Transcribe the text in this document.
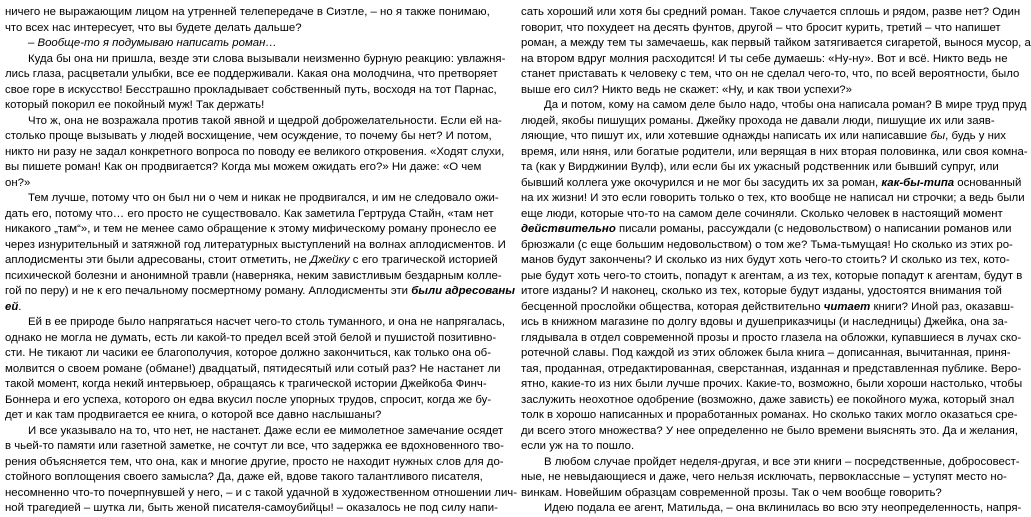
ничего не выражающим лицом на утренней телепередаче в Сиэтле, – но я также понимаю,
что всех нас интересует, что вы будете делать дальше?
– Вообще-то я подумываю написать роман…
Куда бы она ни пришла, везде эти слова вызывали неизменно бурную реакцию: увлажня-
лись глаза, расцветали улыбки, все ее поддерживали. Какая она молодчина, что претворяет
свое горе в искусство! Бесстрашно прокладывает собственный путь, восходя на тот Парнас,
который покорил ее покойный муж! Так держать!
Что ж, она не возражала против такой явной и щедрой доброжелательности. Если ей на-
столько проще вызывать у людей восхищение, чем осуждение, то почему бы нет? И потом,
никто ни разу не задал конкретного вопроса по поводу ее великого откровения. «Ходят слухи,
вы пишете роман! Как он продвигается? Когда мы можем ожидать его?» Ни даже: «О чем
он?»
Тем лучше, потому что он был ни о чем и никак не продвигался, и им не следовало ожи-
дать его, потому что… его просто не существовало. Как заметила Гертруда Стайн, «там нет
никакого „там“», и тем не менее само обращение к этому мифическому роману пронесло ее
через изнурительный и затяжной год литературных выступлений на волнах аплодисментов. И
аплодисменты эти были адресованы, стоит отметить, не Джейку с его трагической историей
психической болезни и анонимной травли (наверняка, неким завистливым бездарным колле-
гой по перу) и не к его печальному посмертному роману. Аплодисменты эти были адресованы
ей.
Ей в ее природе было напрягаться насчет чего-то столь туманного, и она не напрягалась,
однако не могла не думать, есть ли какой-то предел всей этой белой и пушистой позитивно-
сти. Не тикают ли часики ее благополучия, которое должно закончиться, как только она об-
молвится о своем романе (обмане!) двадцатый, пятидесятый или сотый раз? Не настанет ли
такой момент, когда некий интервьюер, обращаясь к трагической истории Джейкоба Финч-
Боннера и его успеха, которого он едва вкусил после упорных трудов, спросит, когда же бу-
дет и как там продвигается ее книга, о которой все давно наслышаны?
И все указывало на то, что нет, не настанет. Даже если ее мимолетное замечание осядет
в чьей-то памяти или газетной заметке, не сочтут ли все, что задержка ее вдохновенного тво-
рения объясняется тем, что она, как и многие другие, просто не находит нужных слов для до-
стойного воплощения своего замысла? Да, даже ей, вдове такого талантливого писателя,
несомненно что-то почерпнувшей у него, – и с такой удачной в художественном отношении лич-
ной трагедией – шутка ли, быть женой писателя-самоубийцы! – оказалось не под силу напи-
сать хороший или хотя бы средний роман. Такое случается сплошь и рядом, разве нет? Один
говорит, что похудеет на десять фунтов, другой – что бросит курить, третий – что напишет
роман, а между тем ты замечаешь, как первый тайком затягивается сигаретой, вынося мусор, а
на втором вдруг молния расходится! И ты себе думаешь: «Ну-ну». Вот и всё. Никто ведь не
станет приставать к человеку с тем, что он не сделал чего-то, что, по всей вероятности, было
выше его сил? Никто ведь не скажет: «Ну, и как твои успехи?»
Да и потом, кому на самом деле было надо, чтобы она написала роман? В мире труд пруд
людей, якобы пишущих романы. Джейку прохода не давали люди, пишущие их или заяв-
ляющие, что пишут их, или хотевшие однажды написать их или написавшие бы, будь у них
время, или няня, или богатые родители, или верящая в них вторая половинка, или своя комна-
та (как у Вирджинии Вулф), или если бы их ужасный родственник или бывший супруг, или
бывший коллега уже окочурился и не мог бы засудить их за роман, как-бы-типа основанный
на их жизни! И это если говорить только о тех, кто вообще не написал ни строчки; а ведь были
еще люди, которые что-то на самом деле сочиняли. Сколько человек в настоящий момент
действительно писали романы, рассуждали (с недовольством) о написании романов или
брюзжали (с еще большим недовольством) о том же? Тьма-тьмущая! Но сколько из этих ро-
манов будут закончены? И сколько из них будут хоть чего-то стоить? И сколько из тех, кото-
рые будут хоть чего-то стоить, попадут к агентам, а из тех, которые попадут к агентам, будут в
итоге изданы? И наконец, сколько из тех, которые будут изданы, удостоятся внимания той
бесценной прослойки общества, которая действительно читает книги? Иной раз, оказавш-
ись в книжном магазине по долгу вдовы и душеприказчицы (и наследницы) Джейка, она за-
глядывала в отдел современной прозы и просто глазела на обложки, купавшиеся в лучах ско-
ротечной славы. Под каждой из этих обложек была книга – дописанная, вычитанная, приня-
тая, проданная, отредактированная, сверстанная, изданная и представленная публике. Веро-
ятно, какие-то из них были лучше прочих. Какие-то, возможно, были хороши настолько, чтобы
заслужить неохотное одобрение (возможно, даже зависть) ее покойного мужа, который знал
толк в хорошо написанных и проработанных романах. Но сколько таких могло оказаться сре-
ди всего этого множества? У нее определенно не было времени выяснять это. Да и желания,
если уж на то пошло.
В любом случае пройдет неделя-другая, и все эти книги – посредственные, добросовест-
ные, не невыдающиеся и даже, чего нельзя исключать, первоклассные – уступят место но-
винкам. Новейшим образцам современной прозы. Так о чем вообще говорить?
Идею подала ее агент, Матильда, – она вклинилась во всю эту неопределенность, напря-
